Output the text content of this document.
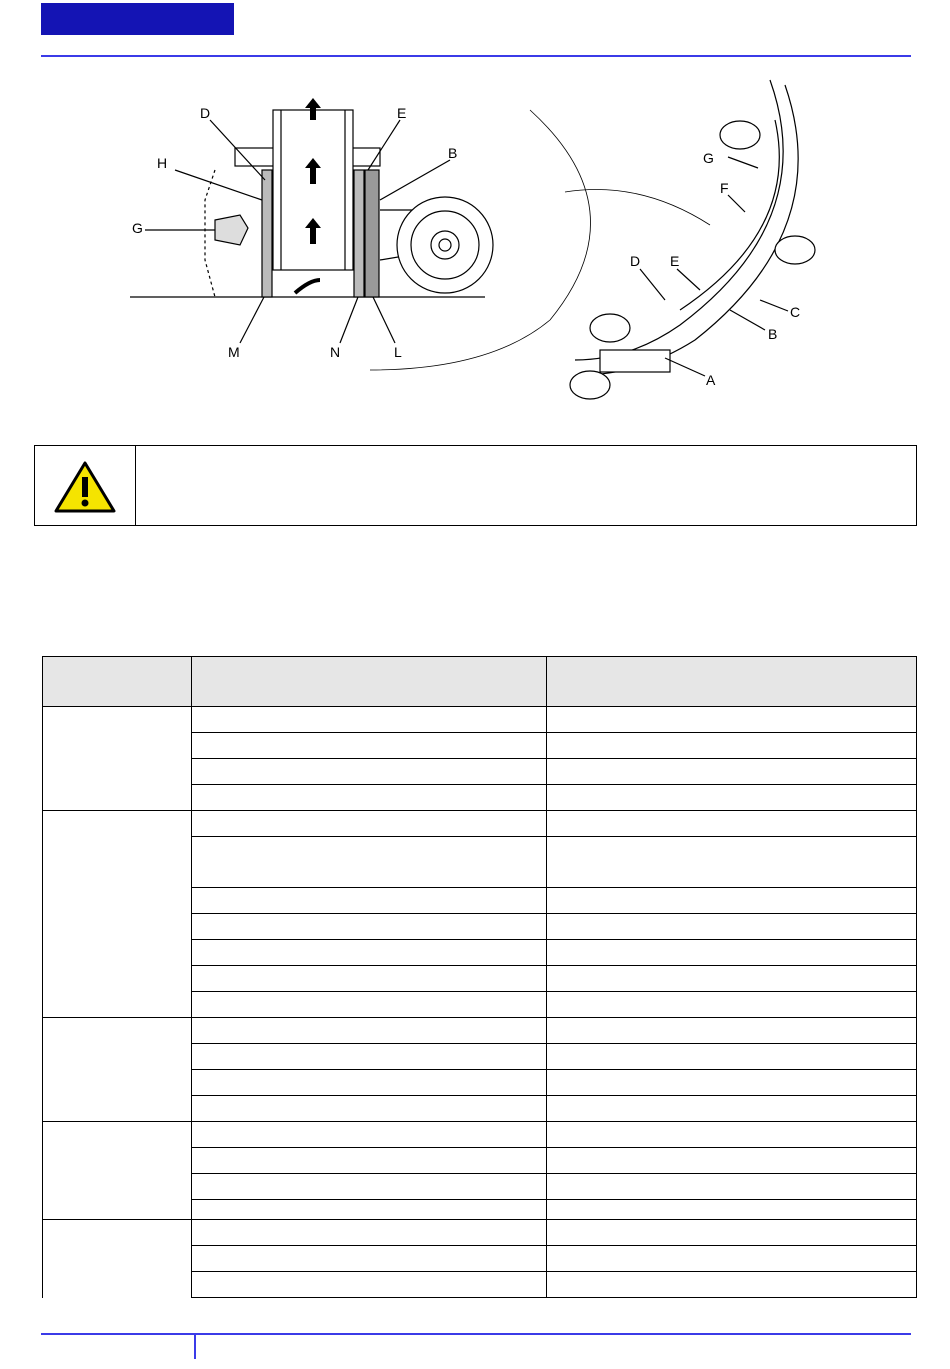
D	E
H
B
G
M	N	L
G
F
D E
C
B
A
